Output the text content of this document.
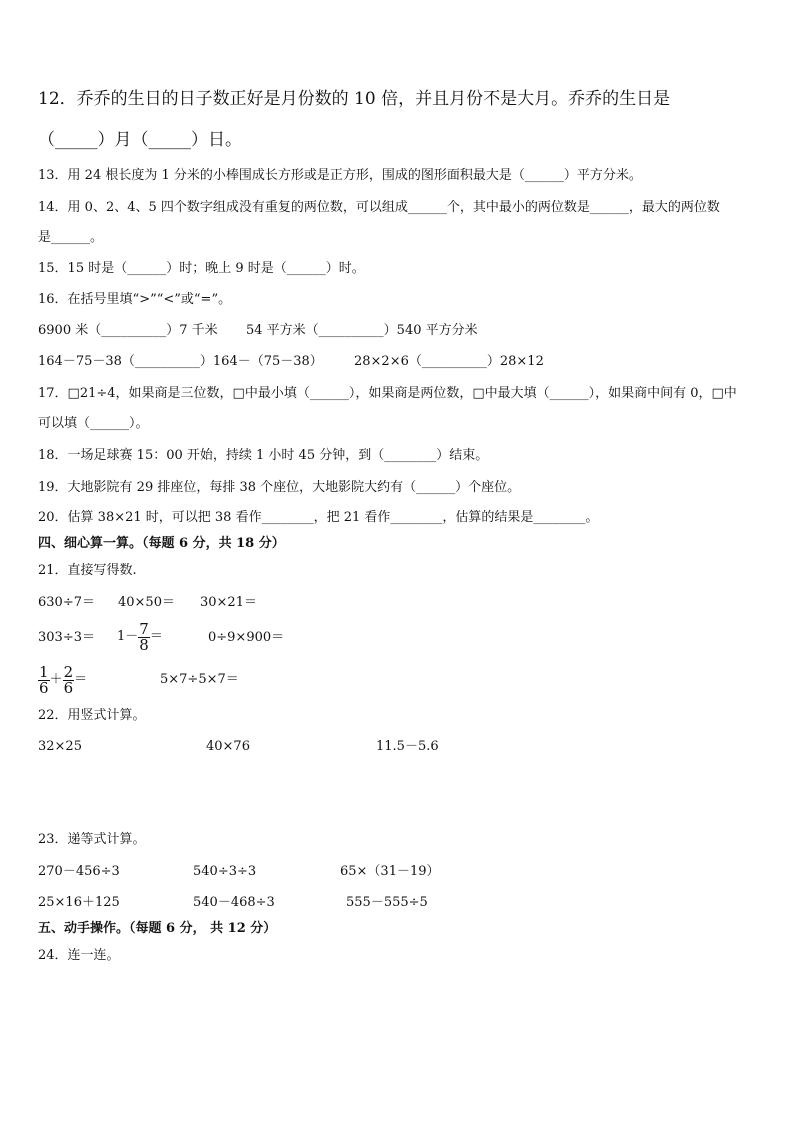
12．乔乔的生日的日子数正好是月份数的 10 倍，并且月份不是大月。乔乔的生日是
（_____）月（_____）日。
13．用 24 根长度为 1 分米的小棒围成长方形或是正方形，围成的图形面积最大是（______）平方分米。
14．用 0、2、4、5 四个数字组成没有重复的两位数，可以组成______个，其中最小的两位数是______，最大的两位数
是______。
15．15 时是（______）时；晚上 9 时是（______）时。
16．在括号里填“>”“<”或“=”。
6900 米（__________）7 千米 54 平方米（__________）540 平方分米
164－75－38（__________）164－（75－38） 28×2×6（__________）28×12
17．□21÷4，如果商是三位数，□中最小填（______），如果商是两位数，□中最大填（______），如果商中间有 0，□中
可以填（______）。
18．一场足球赛 15：00 开始，持续 1 小时 45 分钟，到（________）结束。
19．大地影院有 29 排座位，每排 38 个座位，大地影院大约有（______）个座位。
20．估算 38×21 时，可以把 38 看作________，把 21 看作________，估算的结果是________。
四、细心算一算。（每题 6 分，共 18 分）
21．直接写得数.
630÷7＝ 40×50＝ 30×21＝
$303\div 3= 1- \frac{7}{8}$ ＝	0÷9×900＝
$\frac{1}{6} + \frac{2}{6}$ ＝	5×7÷5×7＝
22．用竖式计算。
32×25	40×76	11.5－5.6
23．递等式计算。
270－456÷3	540÷3÷3	65×（31－19）
25×16＋125	540－468÷3	555－555÷5
五、动手操作。（每题 6 分， 共 12 分）
24．连一连。
